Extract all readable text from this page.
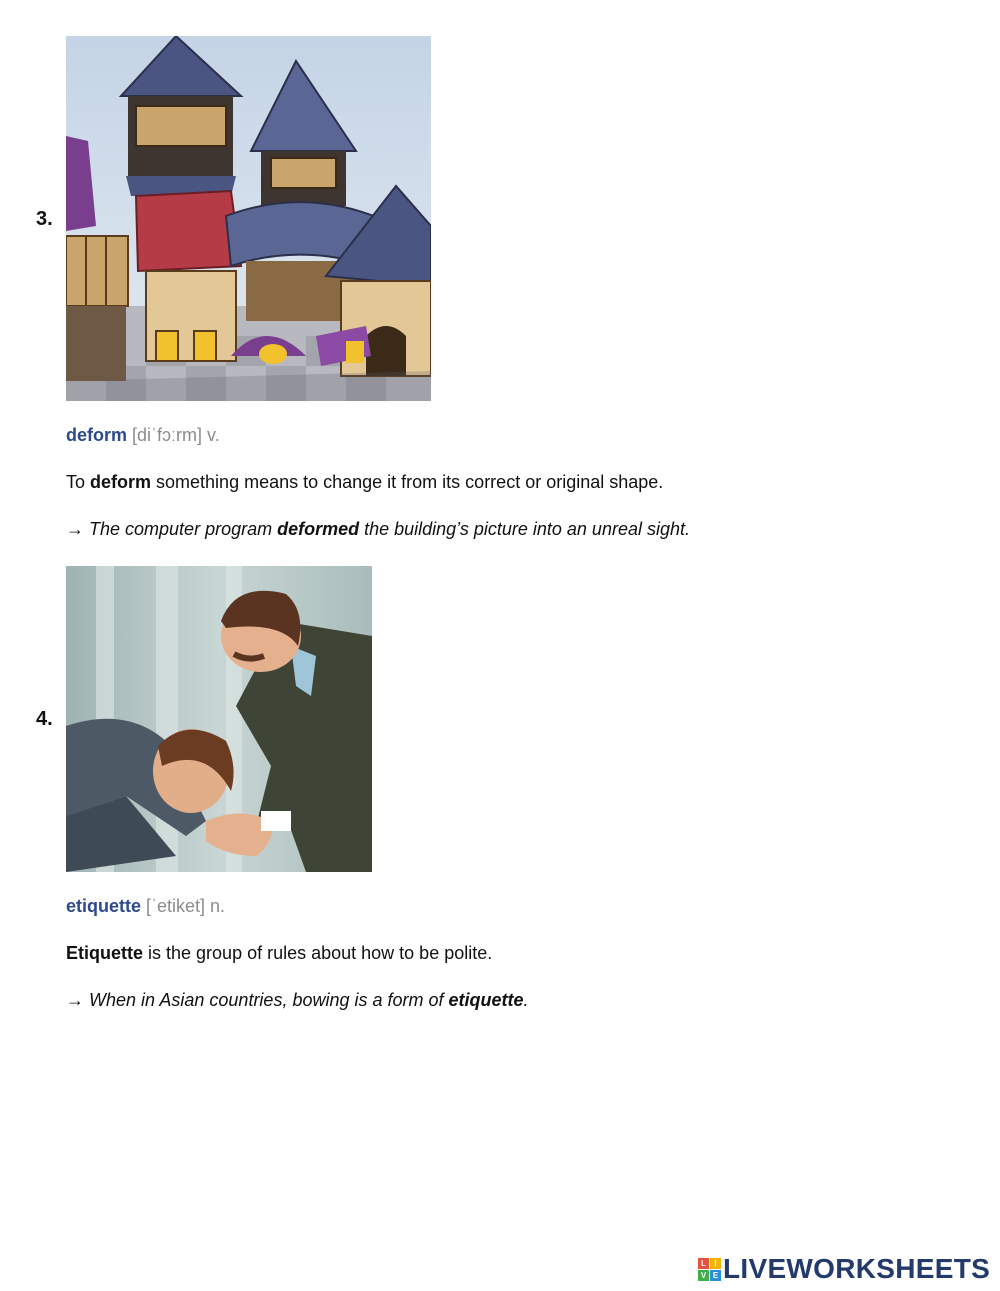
3.
deform [diˈfɔːrm] v.
To deform something means to change it from its correct or original shape.
→ The computer program deformed the building’s picture into an unreal sight.
4.
etiquette [ˈetiket] n.
Etiquette is the group of rules about how to be polite.
→ When in Asian countries, bowing is a form of etiquette.
L	I
V E LIVEWORKSHEETS
